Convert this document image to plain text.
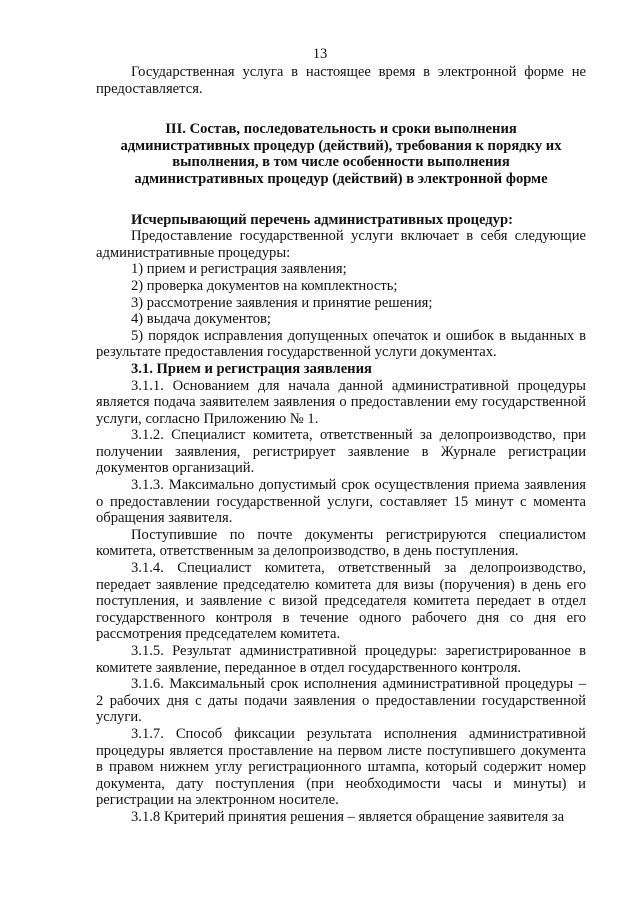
13

Государственная услуга в настоящее время в электронной форме не предоставляется.

III. Состав, последовательность и сроки выполнения административных процедур (действий), требования к порядку их выполнения, в том числе особенности выполнения административных процедур (действий) в электронной форме

Исчерпывающий перечень административных процедур:

Предоставление государственной услуги включает в себя следующие административные процедуры:

1) прием и регистрация заявления;

2) проверка документов на комплектность;

3) рассмотрение заявления и принятие решения;

4) выдача документов;

5) порядок исправления допущенных опечаток и ошибок в выданных в результате предоставления государственной услуги документах.

3.1. Прием и регистрация заявления

3.1.1. Основанием для начала данной административной процедуры является подача заявителем заявления о предоставлении ему государственной услуги, согласно Приложению № 1.

3.1.2. Специалист комитета, ответственный за делопроизводство, при получении заявления, регистрирует заявление в Журнале регистрации документов организаций.

3.1.3. Максимально допустимый срок осуществления приема заявления о предоставлении государственной услуги, составляет 15 минут с момента обращения заявителя.

Поступившие по почте документы регистрируются специалистом комитета, ответственным за делопроизводство, в день поступления.

3.1.4. Специалист комитета, ответственный за делопроизводство, передает заявление председателю комитета для визы (поручения) в день его поступления, и заявление с визой председателя комитета передает в отдел государственного контроля в течение одного рабочего дня со дня его рассмотрения председателем комитета.

3.1.5. Результат административной процедуры: зарегистрированное в комитете заявление, переданное в отдел государственного контроля.

3.1.6. Максимальный срок исполнения административной процедуры – 2 рабочих дня с даты подачи заявления о предоставлении государственной услуги.

3.1.7. Способ фиксации результата исполнения административной процедуры является проставление на первом листе поступившего документа в правом нижнем углу регистрационного штампа, который содержит номер документа, дату поступления (при необходимости часы и минуты) и регистрации на электронном носителе.

3.1.8 Критерий принятия решения – является обращение заявителя за
